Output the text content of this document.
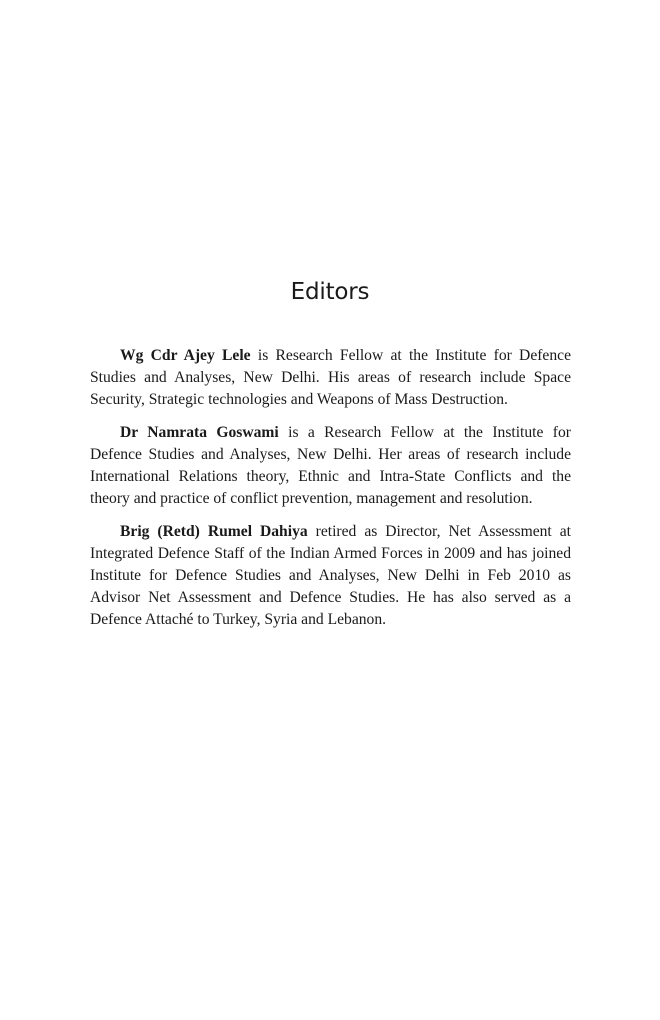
Editors

Wg Cdr Ajey Lele is Research Fellow at the Institute for Defence Studies and Analyses, New Delhi. His areas of research include Space Security, Strategic technologies and Weapons of Mass Destruction.

Dr Namrata Goswami is a Research Fellow at the Institute for Defence Studies and Analyses, New Delhi. Her areas of research include International Relations theory, Ethnic and Intra-State Conflicts and the theory and practice of conflict prevention, management and resolution.

Brig (Retd) Rumel Dahiya retired as Director, Net Assessment at Integrated Defence Staff of the Indian Armed Forces in 2009 and has joined Institute for Defence Studies and Analyses, New Delhi in Feb 2010 as Advisor Net Assessment and Defence Studies. He has also served as a Defence Attaché to Turkey, Syria and Lebanon.
